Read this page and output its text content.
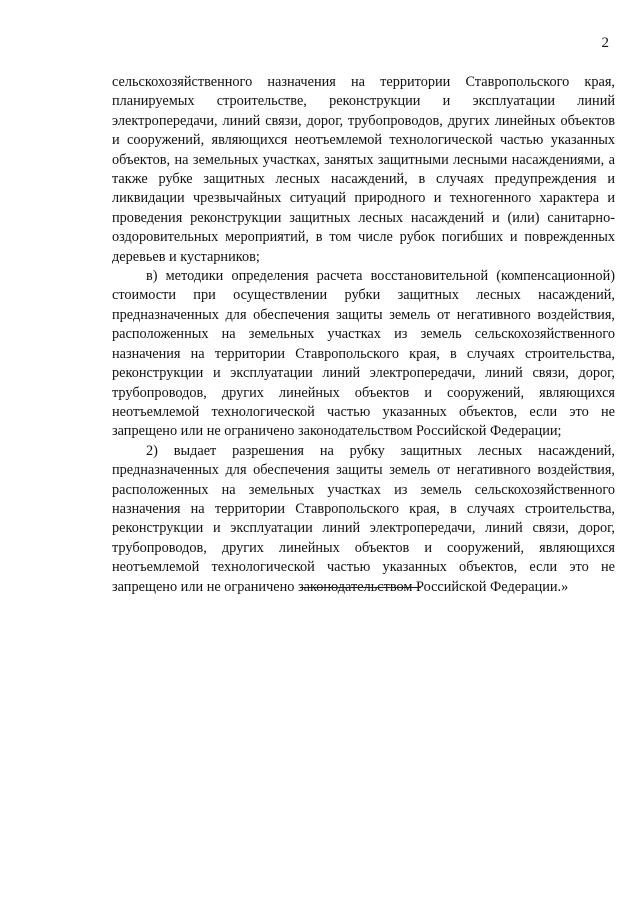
2

сельскохозяйственного назначения на территории Ставропольского края, планируемых строительстве, реконструкции и эксплуатации линий электропередачи, линий связи, дорог, трубопроводов, других линейных объектов и сооружений, являющихся неотъемлемой технологической частью указанных объектов, на земельных участках, занятых защитными лесными насаждениями, а также рубке защитных лесных насаждений, в случаях предупреждения и ликвидации чрезвычайных ситуаций природного и техногенного характера и проведения реконструкции защитных лесных насаждений и (или) санитарно-оздоровительных мероприятий, в том числе рубок погибших и поврежденных деревьев и кустарников;

в) методики определения расчета восстановительной (компенсационной) стоимости при осуществлении рубки защитных лесных насаждений, предназначенных для обеспечения защиты земель от негативного воздействия, расположенных на земельных участках из земель сельскохозяйственного назначения на территории Ставропольского края, в случаях строительства, реконструкции и эксплуатации линий электропередачи, линий связи, дорог, трубопроводов, других линейных объектов и сооружений, являющихся неотъемлемой технологической частью указанных объектов, если это не запрещено или не ограничено законодательством Российской Федерации;

2) выдает разрешения на рубку защитных лесных насаждений, предназначенных для обеспечения защиты земель от негативного воздействия, расположенных на земельных участках из земель сельскохозяйственного назначения на территории Ставропольского края, в случаях строительства, реконструкции и эксплуатации линий электропередачи, линий связи, дорог, трубопроводов, других линейных объектов и сооружений, являющихся неотъемлемой технологической частью указанных объектов, если это не запрещено или не ограничено законодательством Российской Федерации.»
